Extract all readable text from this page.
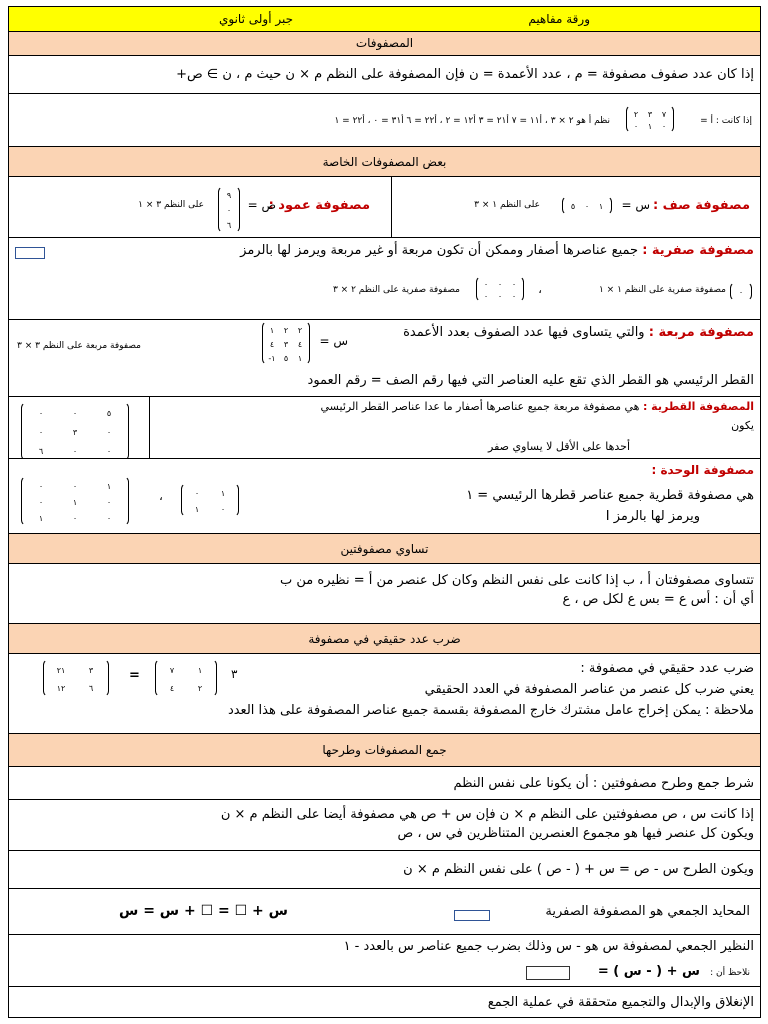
ورقة مفاهيم
جبر أولى ثانوي
المصفوفات
إذا كان عدد صفوف مصفوفة = م ، عدد الأعمدة = ن فإن المصفوفة على النظم م × ن حيث م ، ن ∋ ص+
إذا كانت : أ =
٧٣٢
٠١٠
نظم أ هو ٢ × ٣ ، أ١١ = ٧ أ٢١ = ٣ أ١٢ = ٢ ، أ٢٢ = ٦ أ٣١ = ٠ ، أ٢٢ = ١
بعض المصفوفات الخاصة
مصفوفة صف :
س =
١٠٥
على النظم ١ × ٣
مصفوفة عمود :
ص =
٩
٠
٦
على النظم ٣ × ١
مصفوفة صفرية : جميع عناصرها أصفار وممكن أن تكون مربعة أو غير مربعة ويرمز لها بالرمز
٠
مصفوفة صفرية على النظم ١ × ١
،
٠٠٠
٠٠٠
مصفوفة صفرية على النظم ٢ × ٣
مصفوفة مربعة : والتي يتساوى فيها عدد الصفوف بعدد الأعمدة
س =
٢٢١
٤٣٤
١٥١-
مصفوفة مربعة على النظم ٣ × ٣
القطر الرئيسي هو القطر الذي تقع عليه العناصر التي فيها رقم الصف = رقم العمود
٥٠٠
٠٣٠
٠٠٦
المصفوفة القطرية : هي مصفوفة مربعة جميع عناصرها أصفار ما عدا عناصر القطر الرئيسي
يكون
أحدها على الأقل لا يساوي صفر
مصفوفة الوحدة :
هي مصفوفة قطرية جميع عناصر قطرها الرئيسي = ١
ويرمز لها بالرمز I
١٠٠
٠١٠
٠٠١
،	١٠
٠١
تساوي مصفوفتين
تتساوى مصفوفتان أ ، ب إذا كانت على نفس النظم وكان كل عنصر من أ = نظيره من ب
أي أن : أس ع = بس ع لكل ص ، ع
ضرب عدد حقيقي في مصفوفة
ضرب عدد حقيقي في مصفوفة :
يعني ضرب كل عنصر من عناصر المصفوفة في العدد الحقيقي
ملاحظة : يمكن إخراج عامل مشترك خارج المصفوفة بقسمة جميع عناصر المصفوفة على هذا العدد
٣
١٧
٢٤
=
٣٢١
٦١٢
جمع المصفوفات وطرحها
شرط جمع وطرح مصفوفتين : أن يكونا على نفس النظم
إذا كانت س ، ص مصفوفتين على النظم م × ن فإن س + ص هي مصفوفة أيضا على النظم م × ن
ويكون كل عنصر فيها هو مجموع العنصرين المتناظرين في س ، ص
ويكون الطرح س - ص = س + ( - ص ) على نفس النظم م × ن
المحايد الجمعي هو المصفوفة الصفرية
س + ☐ = ☐ + س = س
النظير الجمعي لمصفوفة س هو - س وذلك بضرب جميع عناصر س بالعدد - ١
نلاحظ أن :
س + ( - س ) =
الإنغلاق والإبدال والتجميع متحققة في عملية الجمع
